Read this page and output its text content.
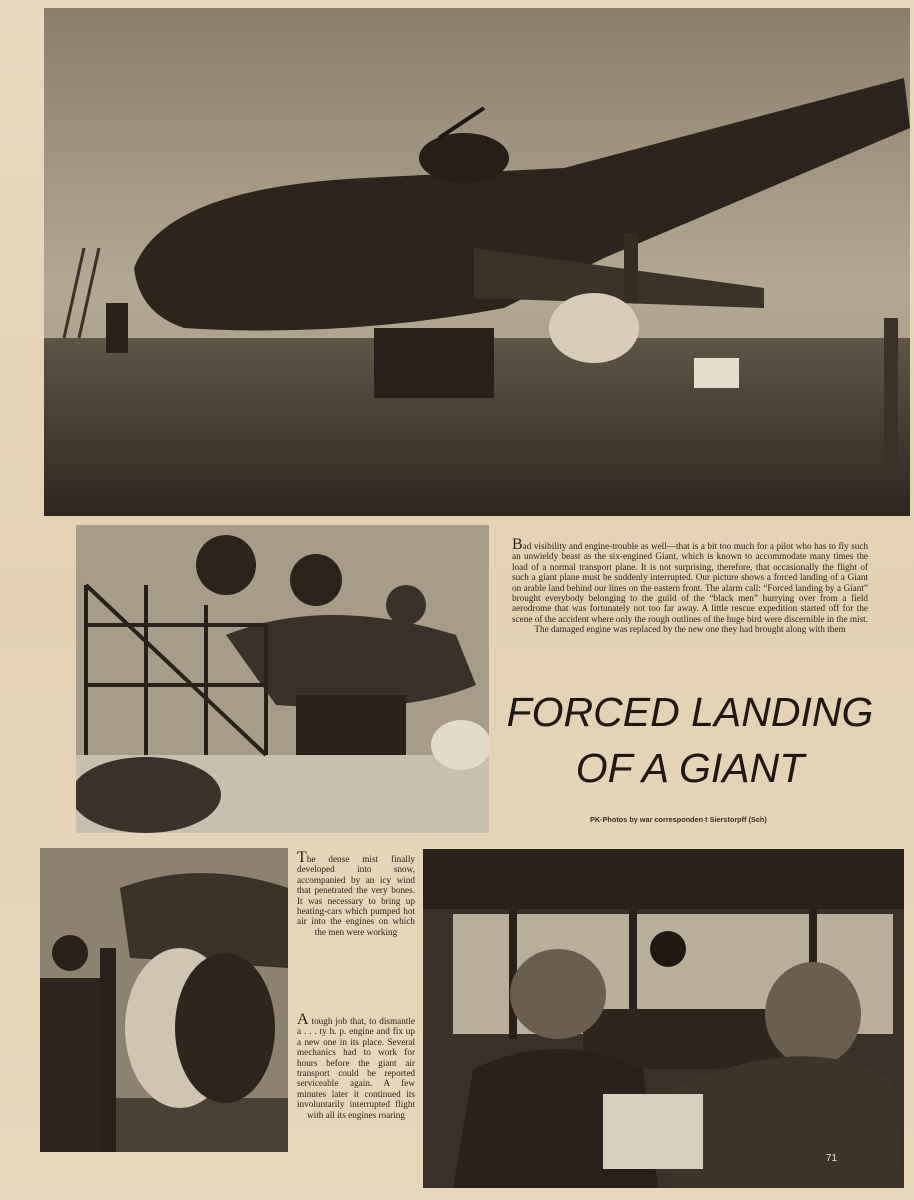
Bad visibility and engine-trouble as well—that is a bit too much for a pilot who has to fly such an unwieldy beast as the six-engined Giant, which is known to accommodate many times the load of a normal transport plane. It is not surprising, therefore, that occasionally the flight of such a giant plane must be suddenly interrupted. Our picture shows a forced landing of a Giant on arable land behind our lines on the eastern front. The alarm call: “Forced landing by a Giant” brought everybody belonging to the guild of the “black men” hurrying over from a field aerodrome that was fortunately not too far away. A little rescue expedition started off for the scene of the accident where only the rough outlines of the huge bird were discernible in the mist. The damaged engine was replaced by the new one they had brought along with them

FORCED LANDING
OF A GIANT
PK-Photos by war corresponden t Sierstorpff (Sch)

The dense mist finally developed into snow, accompanied by an icy wind that penetrated the very bones. It was necessary to bring up heating-cars which pumped hot air into the engines on which the men were working

A tough job that, to dismantle a . . . ty h. p. engine and fix up a new one in its place. Several mechanics had to work for hours before the giant air transport could be reported serviceable again. A few minutes later it continued its involuntarily interrupted flight with all its engines roaring

71
